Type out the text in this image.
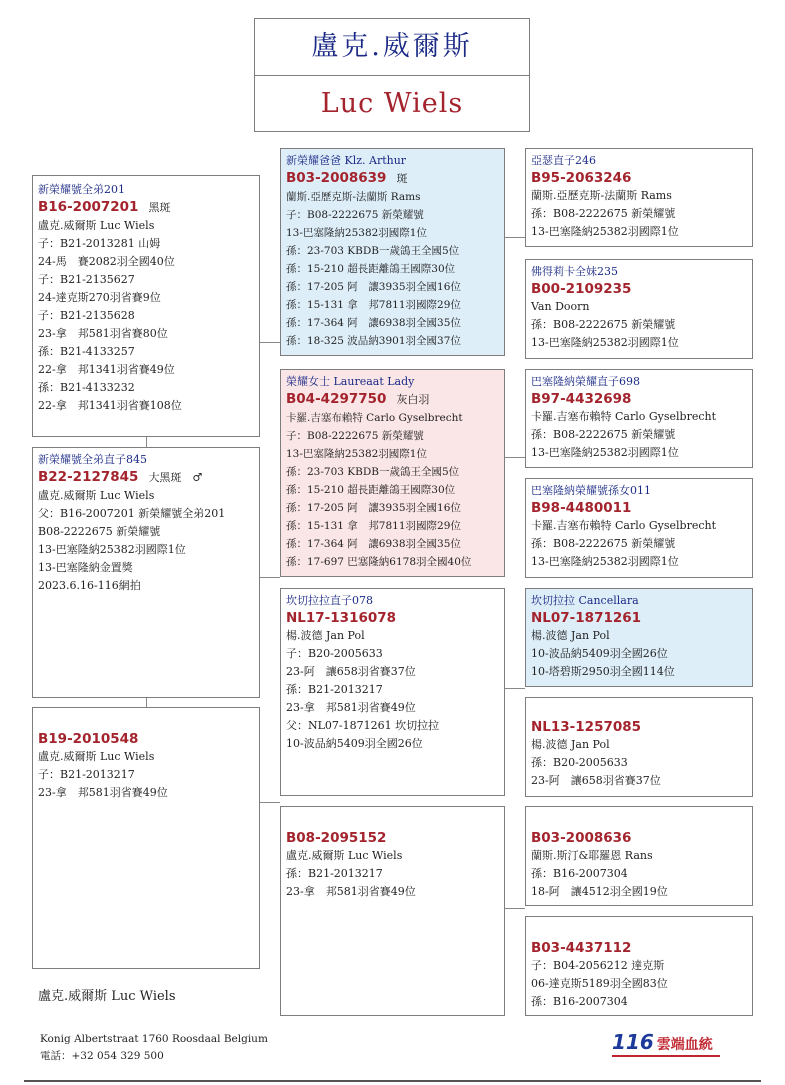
盧克.威爾斯
Luc Wiels
新榮耀號全弟201
B16-2007201 黑斑
盧克.威爾斯 Luc Wiels
子：B21-2013281 山姆
24-馬　賽2082羽全國40位
子：B21-2135627
24-達克斯270羽省賽9位
子：B21-2135628
23-拿　邦581羽省賽80位
孫：B21-4133257
22-拿　邦1341羽省賽49位
孫：B21-4133232
22-拿　邦1341羽省賽108位
新榮耀號全弟直子845
B22-2127845 大黑斑　♂
盧克.威爾斯 Luc Wiels
父：B16-2007201 新榮耀號全弟201
B08-2222675 新榮耀號
13-巴塞隆納25382羽國際1位
13-巴塞隆納金置獎
2023.6.16-116網拍
B19-2010548
盧克.威爾斯 Luc Wiels
子：B21-2013217
23-拿　邦581羽省賽49位
新榮耀爸爸 Klz. Arthur
B03-2008639 斑
蘭斯.亞歷克斯-法蘭斯 Rams
子：B08-2222675 新榮耀號
13-巴塞隆納25382羽國際1位
孫：23-703 KBDB一歲鴿王全國5位
孫：15-210 超長距離鴿王國際30位
孫：17-205 阿　讓3935羽全國16位
孫：15-131 拿　邦7811羽國際29位
孫：17-364 阿　讓6938羽全國35位
孫：18-325 波品納3901羽全國37位
榮耀女士 Laureaat Lady
B04-4297750 灰白羽
卡羅.吉塞布賴特 Carlo Gyselbrecht
子：B08-2222675 新榮耀號
13-巴塞隆納25382羽國際1位
孫：23-703 KBDB一歲鴿王全國5位
孫：15-210 超長距離鴿王國際30位
孫：17-205 阿　讓3935羽全國16位
孫：15-131 拿　邦7811羽國際29位
孫：17-364 阿　讓6938羽全國35位
孫：17-697 巴塞隆納6178羽全國40位
坎切拉拉直子078
NL17-1316078
楊.波德 Jan Pol
子：B20-2005633
23-阿　讓658羽省賽37位
孫：B21-2013217
23-拿　邦581羽省賽49位
父：NL07-1871261 坎切拉拉
10-波品納5409羽全國26位
B08-2095152
盧克.威爾斯 Luc Wiels
孫：B21-2013217
23-拿　邦581羽省賽49位
亞瑟直子246
B95-2063246
蘭斯.亞歷克斯-法蘭斯 Rams
孫：B08-2222675 新榮耀號
13-巴塞隆納25382羽國際1位
佛得莉卡全妹235
B00-2109235
Van Doorn
孫：B08-2222675 新榮耀號
13-巴塞隆納25382羽國際1位
巴塞隆納榮耀直子698
B97-4432698
卡羅.吉塞布賴特 Carlo Gyselbrecht
孫：B08-2222675 新榮耀號
13-巴塞隆納25382羽國際1位
巴塞隆納榮耀號孫女011
B98-4480011
卡羅.吉塞布賴特 Carlo Gyselbrecht
孫：B08-2222675 新榮耀號
13-巴塞隆納25382羽國際1位
坎切拉拉 Cancellara
NL07-1871261
楊.波德 Jan Pol
10-波品納5409羽全國26位
10-塔碧斯2950羽全國114位
NL13-1257085
楊.波德 Jan Pol
孫：B20-2005633
23-阿　讓658羽省賽37位
B03-2008636
蘭斯.斯汀&耶羅恩 Rans
孫：B16-2007304
18-阿　讓4512羽全國19位
B03-4437112
子：B04-2056212 達克斯
06-達克斯5189羽全國83位
孫：B16-2007304
盧克.威爾斯 Luc Wiels
Konig Albertstraat 1760 Roosdaal Belgium
電話：+32 054 329 500
116 雲端血統
